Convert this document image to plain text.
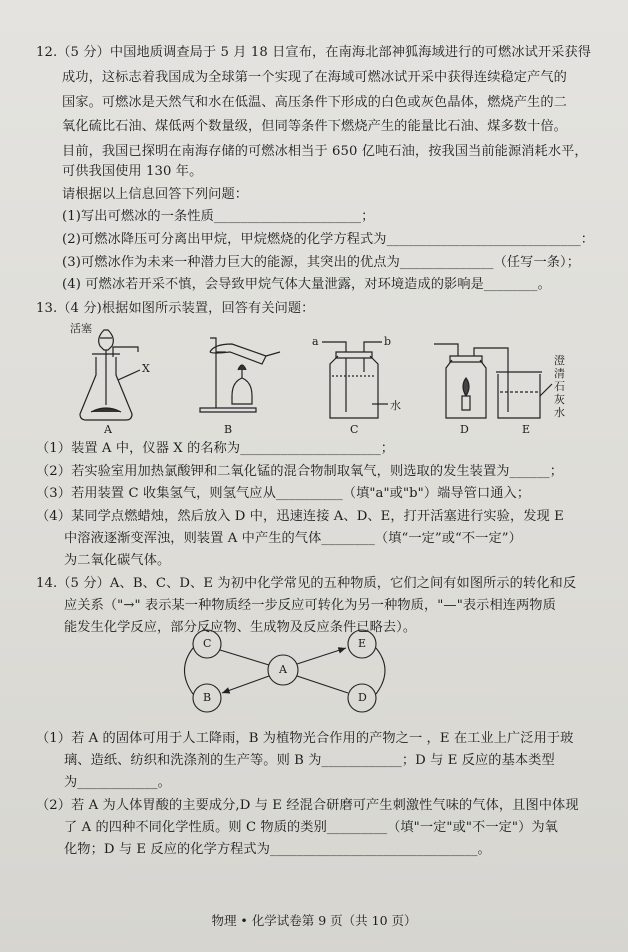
12.（5 分）中国地质调查局于 5 月 18 日宣布，在南海北部神狐海域进行的可燃冰试开采获得
成功，这标志着我国成为全球第一个实现了在海域可燃冰试开采中获得连续稳定产气的
国家。可燃冰是天然气和水在低温、高压条件下形成的白色或灰色晶体，燃烧产生的二
氧化硫比石油、煤低两个数量级，但同等条件下燃烧产生的能量比石油、煤多数十倍。
目前，我国已探明在南海存储的可燃冰相当于 650 亿吨石油，按我国当前能源消耗水平，
可供我国使用 130 年。
请根据以上信息回答下列问题：
(1)写出可燃冰的一条性质______________________；
(2)可燃冰降压可分离出甲烷，甲烷燃烧的化学方程式为_____________________________：
(3)可燃冰作为未来一种潜力巨大的能源，其突出的优点为______________（任写一条）；
(4) 可燃冰若开采不慎，会导致甲烷气体大量泄露，对环境造成的影响是________。
13.（4 分)根据如图所示装置，回答有关问题：
活塞
X
a	b
水
澄
清
石
灰
水
A	B	C	D	E
（1）装置 A 中，仪器 X 的名称为_____________________；
（2）若实验室用加热氯酸钾和二氧化锰的混合物制取氧气，则选取的发生装置为______；
（3）若用装置 C 收集氢气，则氢气应从__________（填"a"或"b"）端导管口通入；
（4）某同学点燃蜡烛，然后放入 D 中，迅速连接 A、D、E，打开活塞进行实验，发现 E
中溶液逐渐变浑浊，则装置 A 中产生的气体________（填“一定”或“不一定”）
为二氧化碳气体。
14.（5 分）A、B、C、D、E 为初中化学常见的五种物质，它们之间有如图所示的转化和反
应关系（"→" 表示某一种物质经一步反应可转化为另一种物质，"—"表示相连两物质
能发生化学反应，部分反应物、生成物及反应条件已略去）。
C
B
A
E
D
（1）若 A 的固体可用于人工降雨，B 为植物光合作用的产物之一 ，E 在工业上广泛用于玻
璃、造纸、纺织和洗涤剂的生产等。则 B 为____________；D 与 E 反应的基本类型
为____________。
（2）若 A 为人体胃酸的主要成分,D 与 E 经混合研磨可产生刺激性气味的气体，且图中体现
了 A 的四种不同化学性质。则 C 物质的类别_________（填"一定"或"不一定"）为氧
化物；D 与 E 反应的化学方程式为_______________________________。
物理 • 化学试卷第 9 页（共 10 页）
